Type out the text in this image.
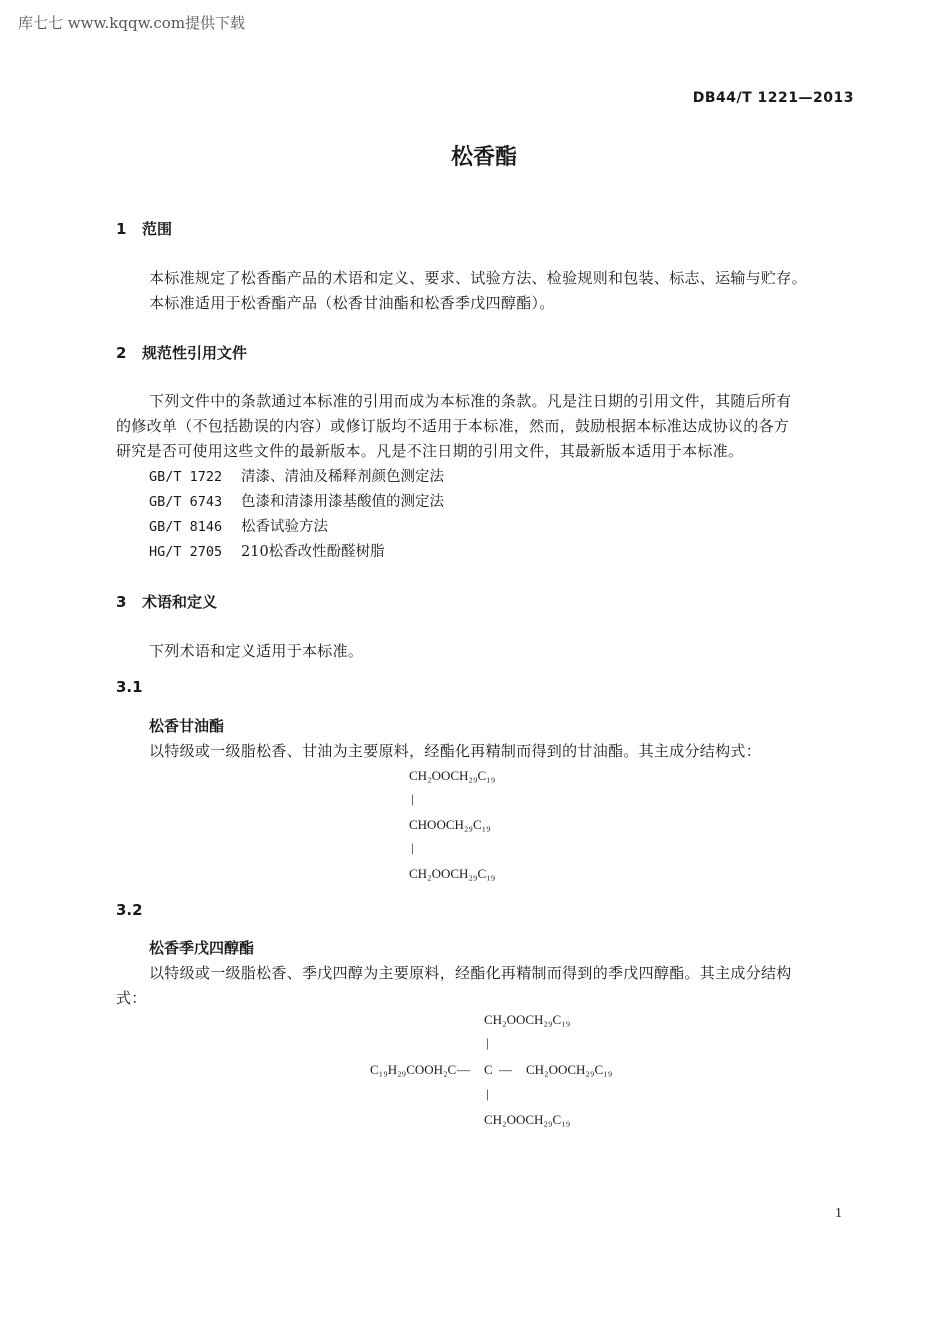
库七七 www.kqqw.com提供下载
DB44/T 1221—2013
松香酯
1 范围
本标准规定了松香酯产品的术语和定义、要求、试验方法、检验规则和包装、标志、运输与贮存。
本标准适用于松香酯产品（松香甘油酯和松香季戊四醇酯）。
2 规范性引用文件
下列文件中的条款通过本标准的引用而成为本标准的条款。凡是注日期的引用文件，其随后所有
的修改单（不包括勘误的内容）或修订版均不适用于本标准，然而，鼓励根据本标准达成协议的各方
研究是否可使用这些文件的最新版本。凡是不注日期的引用文件，其最新版本适用于本标准。
GB/T 1722 清漆、清油及稀释剂颜色测定法
GB/T 6743 色漆和清漆用漆基酸值的测定法
GB/T 8146 松香试验方法
HG/T 2705 210松香改性酚醛树脂
3 术语和定义
下列术语和定义适用于本标准。
3.1
松香甘油酯
以特级或一级脂松香、甘油为主要原料，经酯化再精制而得到的甘油酯。其主成分结构式：
CH₂OOCH₂₉C₁₉
|
CHOOCH₂₉C₁₉
|
CH₂OOCH₂₉C₁₉
3.2
松香季戊四醇酯
以特级或一级脂松香、季戊四醇为主要原料，经酯化再精制而得到的季戊四醇酯。其主成分结构
式：
CH₂OOCH₂₉C₁₉
|
C₁₉H₂₉COOH₂C — C — CH₂OOCH₂₉C₁₉
|
CH₂OOCH₂₉C₁₉
1
